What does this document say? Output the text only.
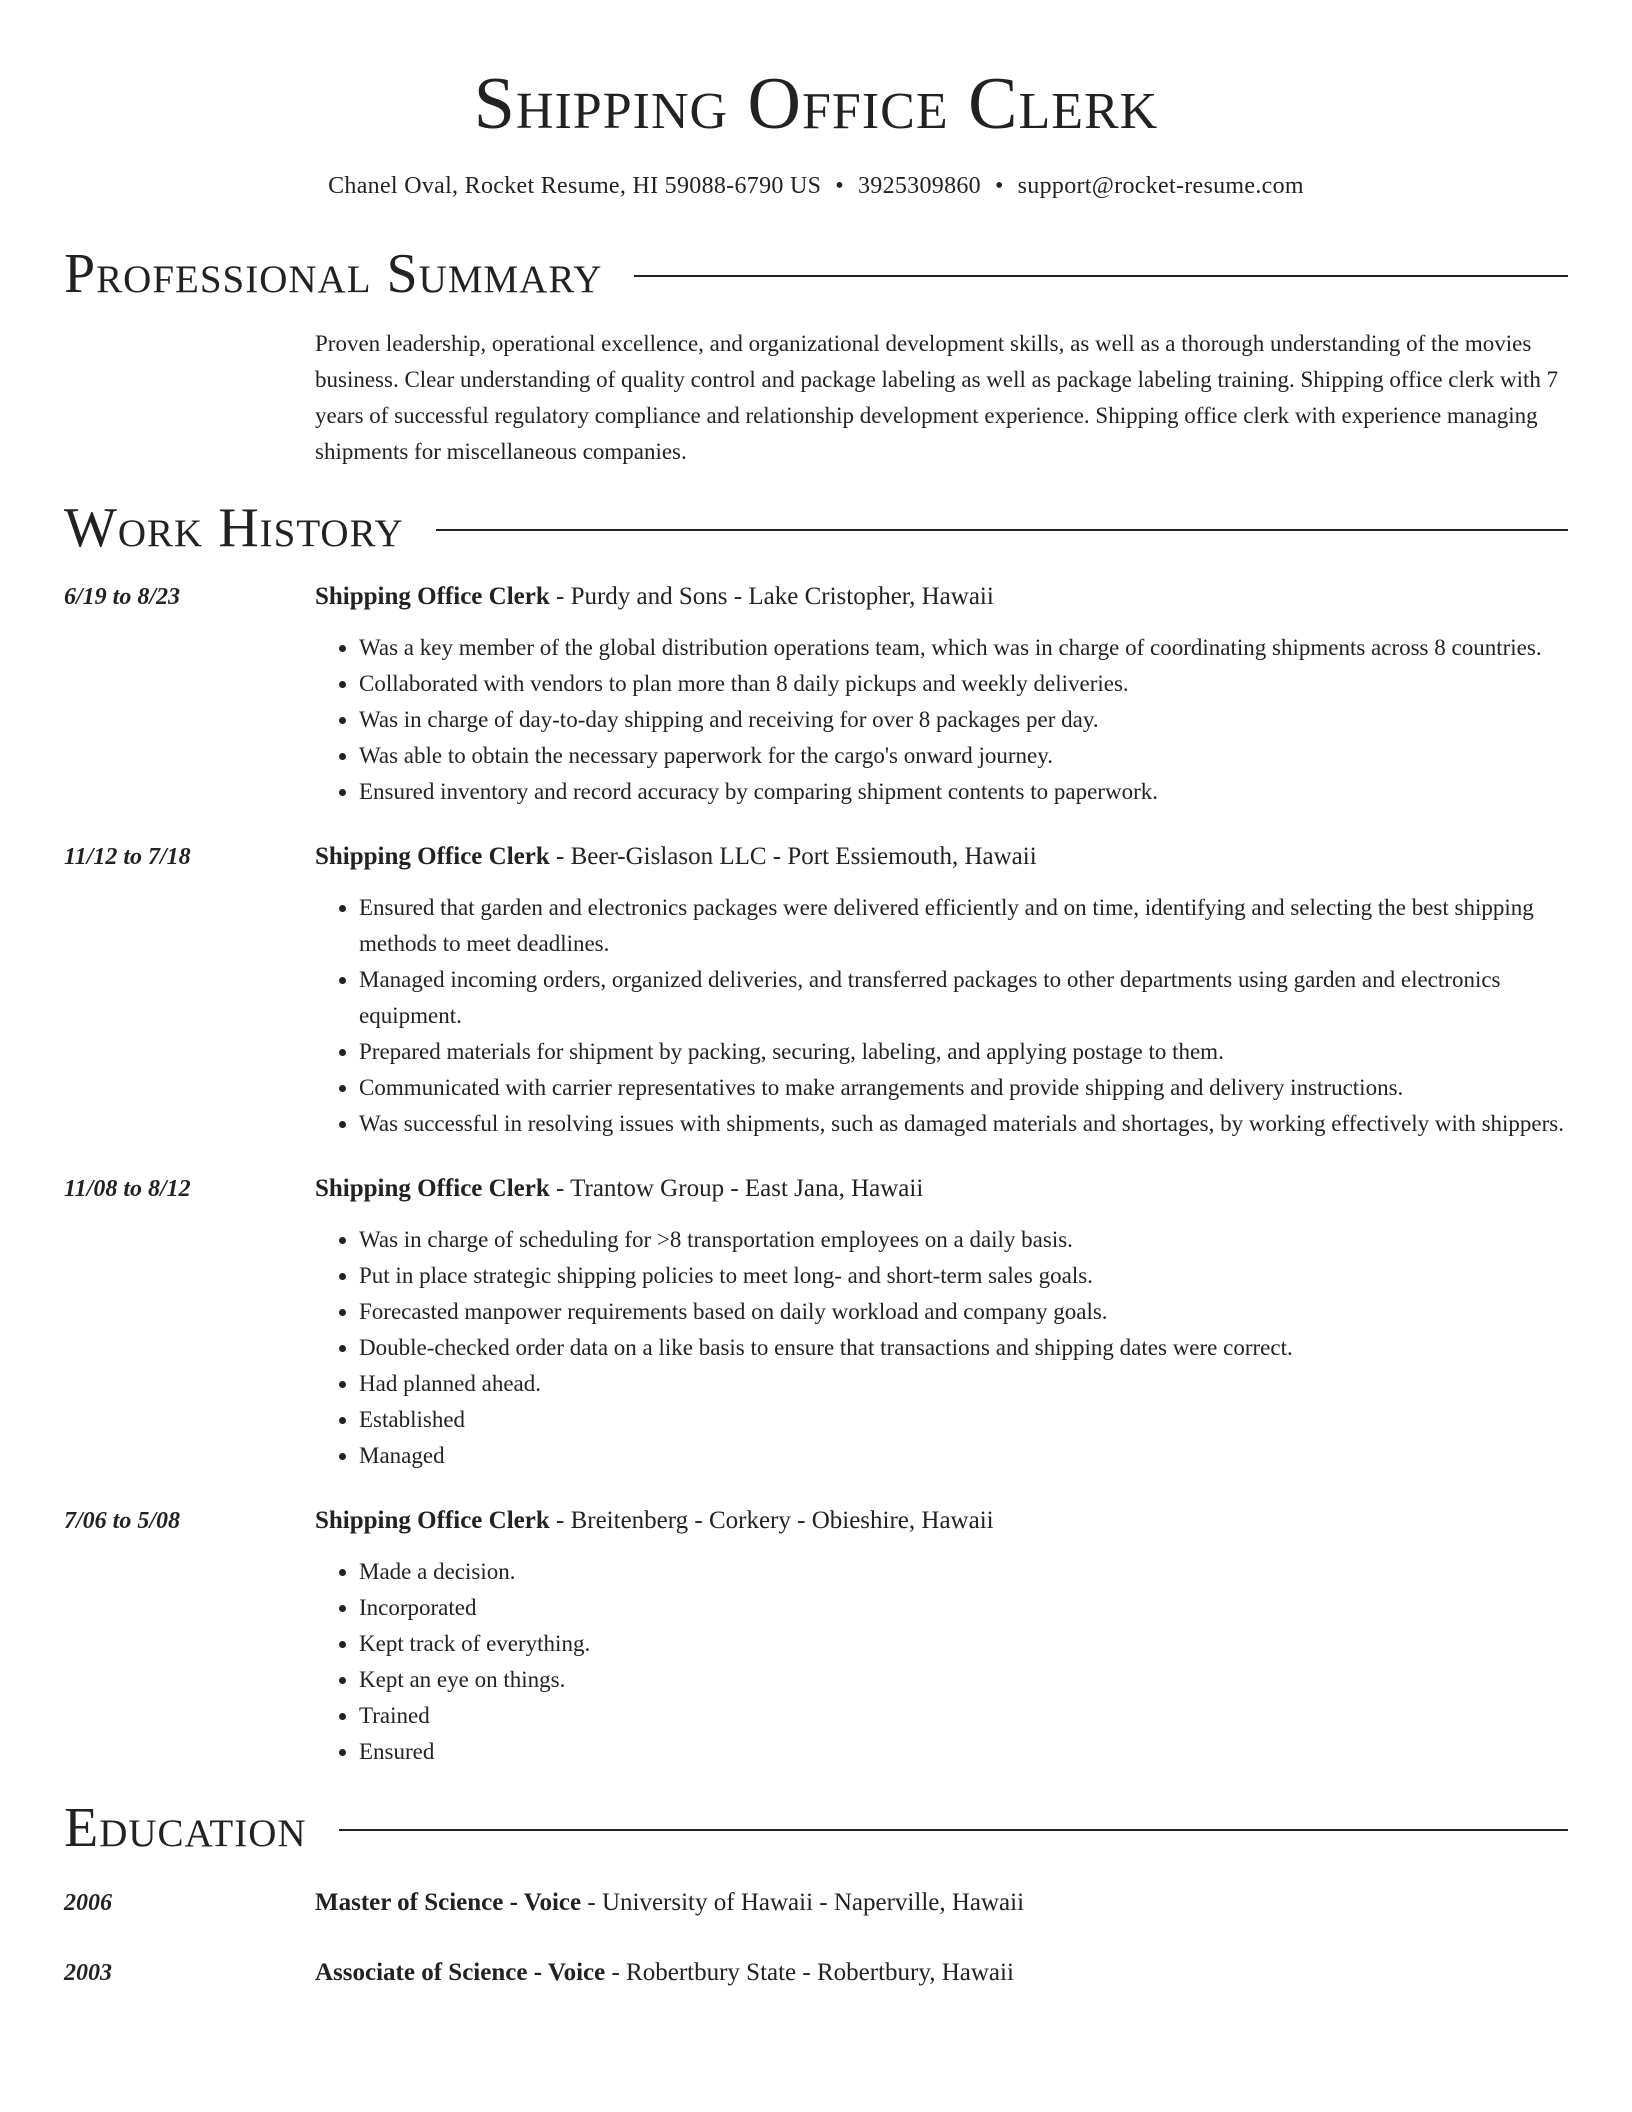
Shipping Office Clerk
Chanel Oval, Rocket Resume, HI 59088-6790 US • 3925309860 • support@rocket-resume.com
Professional Summary
Proven leadership, operational excellence, and organizational development skills, as well as a thorough understanding of the movies business. Clear understanding of quality control and package labeling as well as package labeling training. Shipping office clerk with 7 years of successful regulatory compliance and relationship development experience. Shipping office clerk with experience managing shipments for miscellaneous companies.
Work History
6/19 to 8/23	Shipping Office Clerk - Purdy and Sons - Lake Cristopher, Hawaii
• Was a key member of the global distribution operations team, which was in charge of coordinating shipments across 8 countries.
• Collaborated with vendors to plan more than 8 daily pickups and weekly deliveries.
• Was in charge of day-to-day shipping and receiving for over 8 packages per day.
• Was able to obtain the necessary paperwork for the cargo's onward journey.
• Ensured inventory and record accuracy by comparing shipment contents to paperwork.
11/12 to 7/18	Shipping Office Clerk - Beer-Gislason LLC - Port Essiemouth, Hawaii
• Ensured that garden and electronics packages were delivered efficiently and on time, identifying and selecting the best shipping methods to meet deadlines.
• Managed incoming orders, organized deliveries, and transferred packages to other departments using garden and electronics equipment.
• Prepared materials for shipment by packing, securing, labeling, and applying postage to them.
• Communicated with carrier representatives to make arrangements and provide shipping and delivery instructions.
• Was successful in resolving issues with shipments, such as damaged materials and shortages, by working effectively with shippers.
11/08 to 8/12	Shipping Office Clerk - Trantow Group - East Jana, Hawaii
• Was in charge of scheduling for >8 transportation employees on a daily basis.
• Put in place strategic shipping policies to meet long- and short-term sales goals.
• Forecasted manpower requirements based on daily workload and company goals.
• Double-checked order data on a like basis to ensure that transactions and shipping dates were correct.
• Had planned ahead.
• Established
• Managed
7/06 to 5/08	Shipping Office Clerk - Breitenberg - Corkery - Obieshire, Hawaii
• Made a decision.
• Incorporated
• Kept track of everything.
• Kept an eye on things.
• Trained
• Ensured
Education
2006	Master of Science - Voice - University of Hawaii - Naperville, Hawaii
2003	Associate of Science - Voice - Robertbury State - Robertbury, Hawaii
